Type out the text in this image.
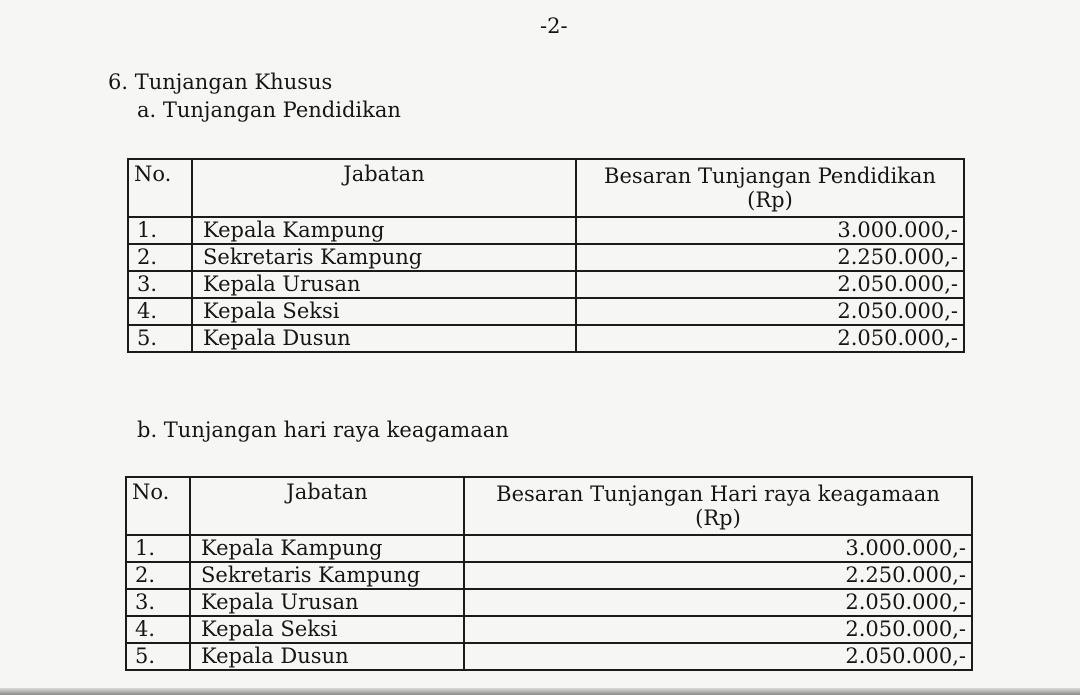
-2-
6. Tunjangan Khusus
a. Tunjangan Pendidikan
No.	Jabatan	Besaran Tunjangan Pendidikan
(Rp)
1.	Kepala Kampung	3.000.000,-
2.	Sekretaris Kampung	2.250.000,-
3.	Kepala Urusan	2.050.000,-
4.	Kepala Seksi	2.050.000,-
5.	Kepala Dusun	2.050.000,-
b. Tunjangan hari raya keagamaan
No.	Jabatan	Besaran Tunjangan Hari raya keagamaan
(Rp)
1.	Kepala Kampung	3.000.000,-
2.	Sekretaris Kampung	2.250.000,-
3.	Kepala Urusan	2.050.000,-
4.	Kepala Seksi	2.050.000,-
5.	Kepala Dusun	2.050.000,-
